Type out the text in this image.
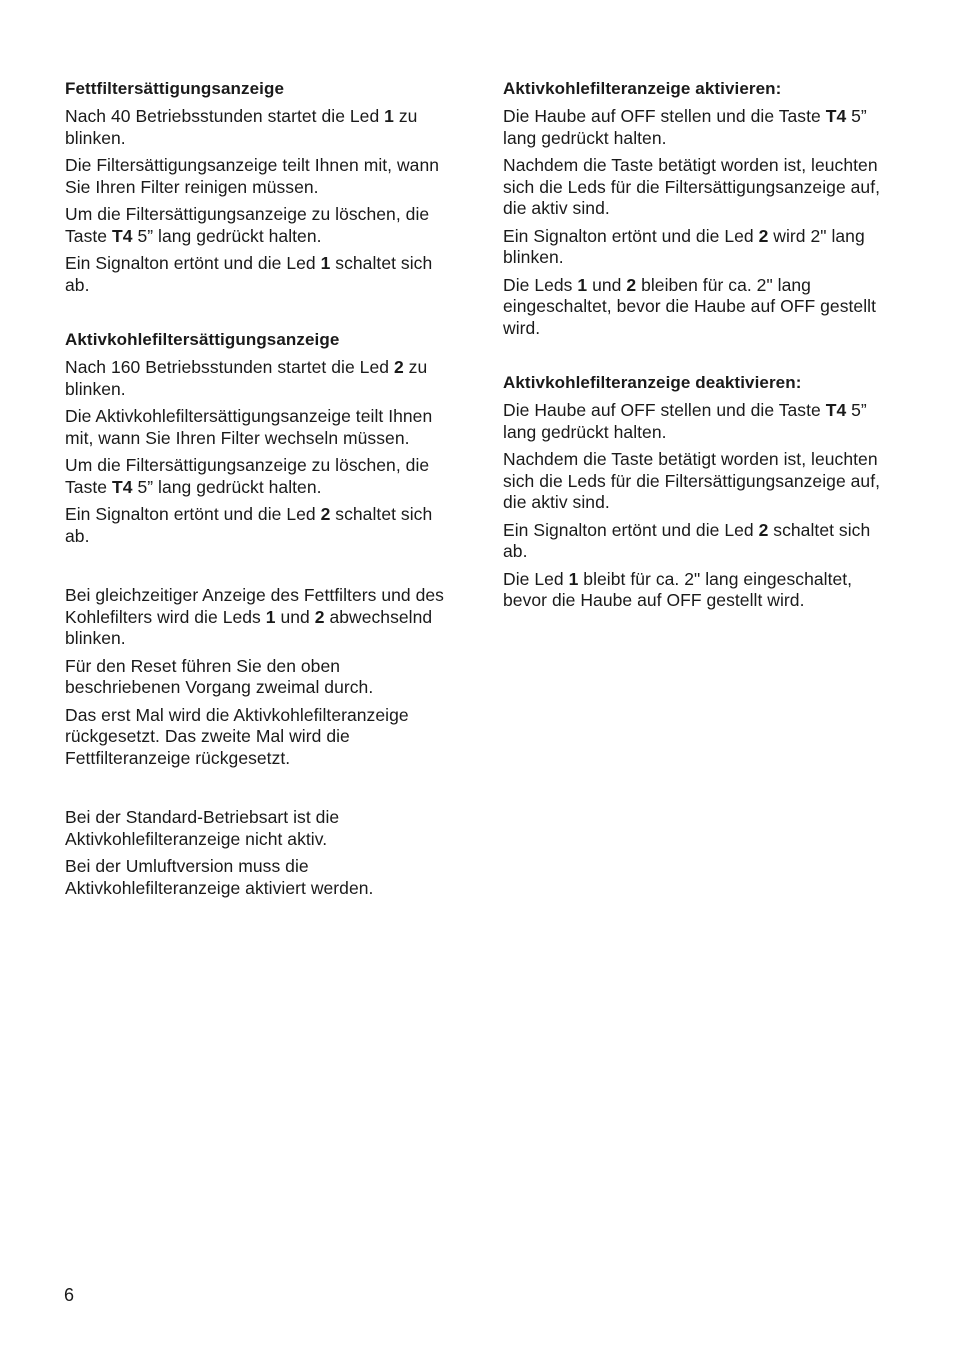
Fettfiltersättigungsanzeige

Nach 40 Betriebsstunden startet die Led 1 zu blinken.

Die Filtersättigungsanzeige teilt Ihnen mit, wann Sie Ihren Filter reinigen müssen.

Um die Filtersättigungsanzeige zu löschen, die Taste T4 5” lang gedrückt halten.

Ein Signalton ertönt und die Led 1 schaltet sich ab.

Aktivkohlefiltersättigungsanzeige

Nach 160 Betriebsstunden startet die Led 2 zu blinken.

Die Aktivkohlefiltersättigungsanzeige teilt Ihnen mit, wann Sie Ihren Filter wechseln müssen.

Um die Filtersättigungsanzeige zu löschen, die Taste T4 5” lang gedrückt halten.

Ein Signalton ertönt und die Led 2 schaltet sich ab.

Bei gleichzeitiger Anzeige des Fettfilters und des Kohlefilters wird die Leds 1 und 2 abwechselnd blinken.

Für den Reset führen Sie den oben beschriebenen Vorgang zweimal durch.

Das erst Mal wird die Aktivkohlefilteranzeige rückgesetzt. Das zweite Mal wird die Fettfilteranzeige rückgesetzt.

Bei der Standard-Betriebsart ist die Aktivkohlefilteranzeige nicht aktiv.

Bei der Umluftversion muss die Aktivkohlefilteranzeige aktiviert werden.

Aktivkohlefilteranzeige aktivieren:

Die Haube auf OFF stellen und die Taste T4 5” lang gedrückt halten.

Nachdem die Taste betätigt worden ist, leuchten sich die Leds für die Filtersättigungsanzeige auf, die aktiv sind.

Ein Signalton ertönt und die Led 2 wird 2" lang blinken.

Die Leds 1 und 2 bleiben für ca. 2" lang eingeschaltet, bevor die Haube auf OFF gestellt wird.

Aktivkohlefilteranzeige deaktivieren:

Die Haube auf OFF stellen und die Taste T4 5” lang gedrückt halten.

Nachdem die Taste betätigt worden ist, leuchten sich die Leds für die Filtersättigungsanzeige auf, die aktiv sind.

Ein Signalton ertönt und die Led 2 schaltet sich ab.

Die Led 1 bleibt für ca. 2" lang eingeschaltet, bevor die Haube auf OFF gestellt wird.

6
